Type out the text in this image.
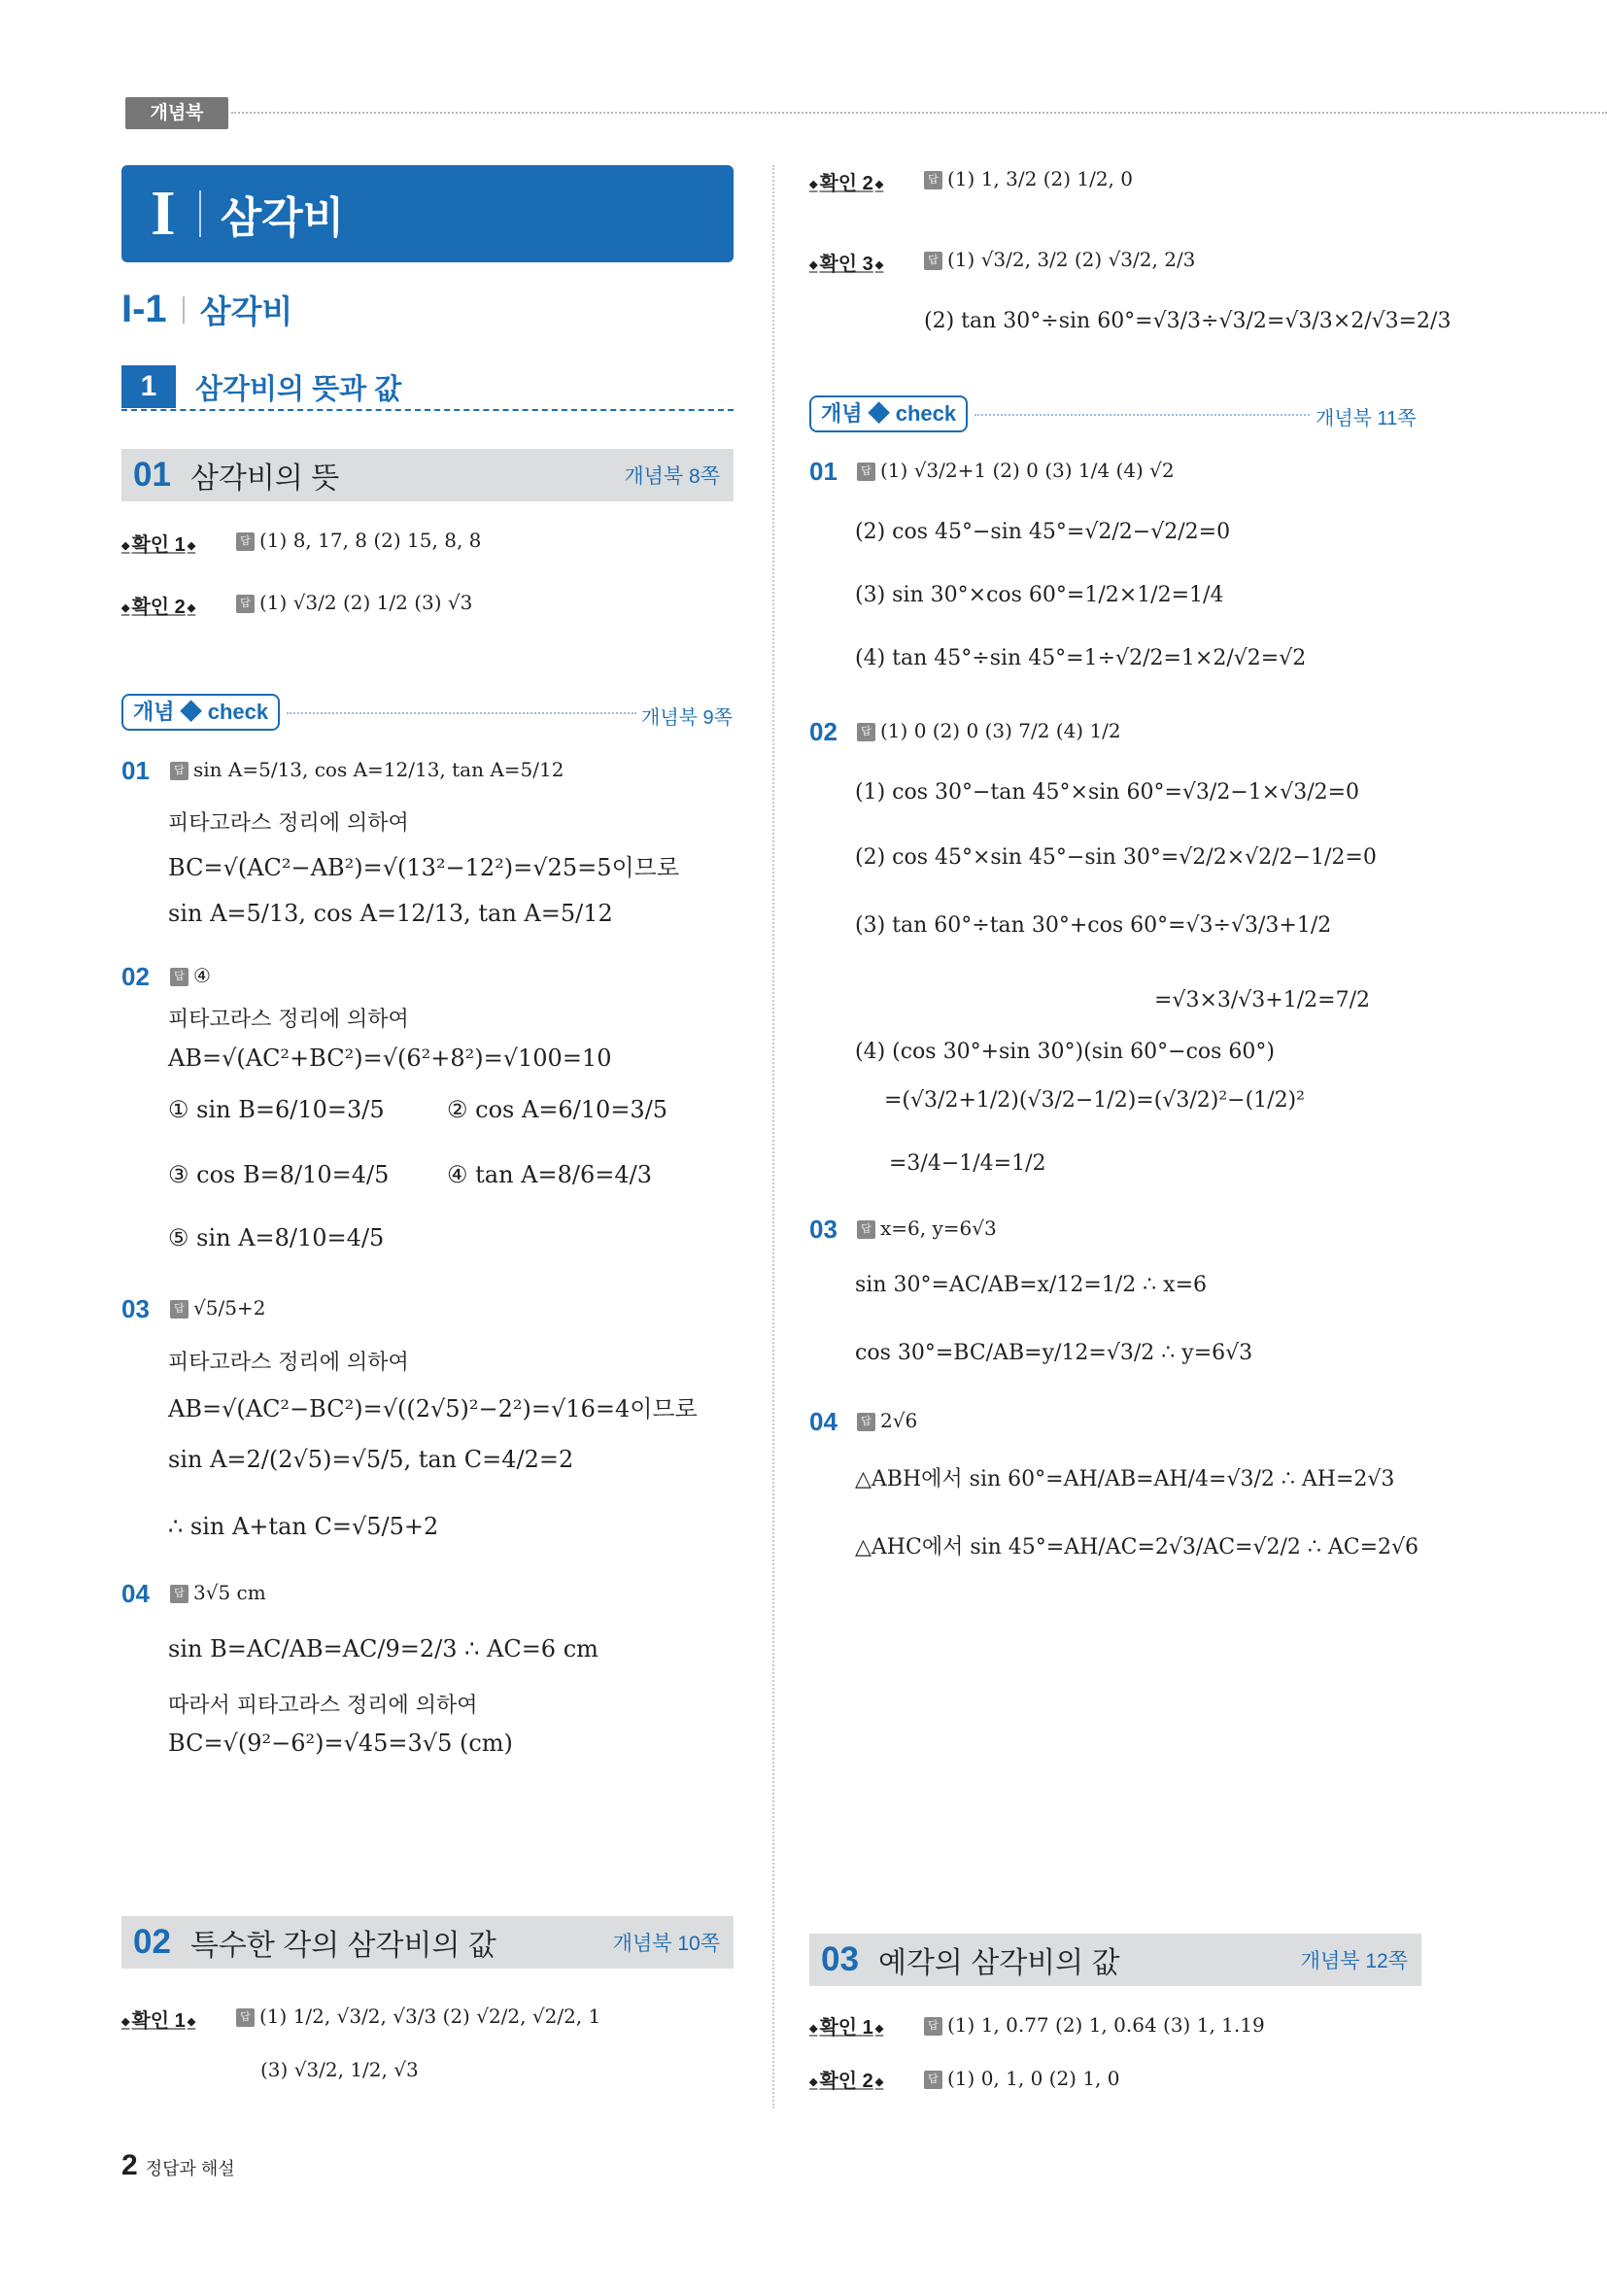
개념북
I 삼각비
I-1 삼각비
1	삼각비의 뜻과 값
01 삼각비의 뜻	개념북 8쪽
◆ 확인 1 ◆	답 (1) 8, 17, 8 (2) 15, 8, 8
◆ 확인 2 ◆	답 (1) √3/2 (2) 1/2 (3) √3
개념 ◆ check	개념북 9쪽
01	답 sin A=5/13, cos A=12/13, tan A=5/12
피타고라스 정리에 의하여
BC=√(AC²−AB²)=√(13²−12²)=√25=5이므로
sin A=5/13, cos A=12/13, tan A=5/12
02	답 ④
피타고라스 정리에 의하여
AB=√(AC²+BC²)=√(6²+8²)=√100=10
① sin B=6/10=3/5	② cos A=6/10=3/5
③ cos B=8/10=4/5 ④ tan A=8/6=4/3
⑤ sin A=8/10=4/5
03	답 √5/5+2
피타고라스 정리에 의하여
AB=√(AC²−BC²)=√((2√5)²−2²)=√16=4이므로
sin A=2/(2√5)=√5/5, tan C=4/2=2
∴ sin A+tan C=√5/5+2
04	답 3√5 cm
sin B=AC/AB=AC/9=2/3 ∴ AC=6 cm
따라서 피타고라스 정리에 의하여
BC=√(9²−6²)=√45=3√5 (cm)
02 특수한 각의 삼각비의 값	개념북 10쪽
◆ 확인 1 ◆	답 (1) 1/2, √3/2, √3/3 (2) √2/2, √2/2, 1
(3) √3/2, 1/2, √3
◆ 확인 2 ◆	답 (1) 1, 3/2 (2) 1/2, 0
◆ 확인 3 ◆	답 (1) √3/2, 3/2 (2) √3/2, 2/3
(2) tan 30°÷sin 60°=√3/3÷√3/2=√3/3×2/√3=2/3
개념 ◆ check	개념북 11쪽
01	답 (1) √3/2+1 (2) 0 (3) 1/4 (4) √2
(2) cos 45°−sin 45°=√2/2−√2/2=0
(3) sin 30°×cos 60°=1/2×1/2=1/4
(4) tan 45°÷sin 45°=1÷√2/2=1×2/√2=√2
02	답 (1) 0 (2) 0 (3) 7/2 (4) 1/2
(1) cos 30°−tan 45°×sin 60°=√3/2−1×√3/2=0
(2) cos 45°×sin 45°−sin 30°=√2/2×√2/2−1/2=0
(3) tan 60°÷tan 30°+cos 60°=√3÷√3/3+1/2
=√3×3/√3+1/2=7/2
(4) (cos 30°+sin 30°)(sin 60°−cos 60°)
=(√3/2+1/2)(√3/2−1/2)=(√3/2)²−(1/2)²
=3/4−1/4=1/2
03	답 x=6, y=6√3
sin 30°=AC/AB=x/12=1/2 ∴ x=6
cos 30°=BC/AB=y/12=√3/2 ∴ y=6√3
04	답 2√6
△ABH에서 sin 60°=AH/AB=AH/4=√3/2 ∴ AH=2√3
△AHC에서 sin 45°=AH/AC=2√3/AC=√2/2 ∴ AC=2√6
03 예각의 삼각비의 값	개념북 12쪽
◆ 확인 1 ◆	답 (1) 1, 0.77 (2) 1, 0.64 (3) 1, 1.19
◆ 확인 2 ◆	답 (1) 0, 1, 0 (2) 1, 0
2 정답과 해설
